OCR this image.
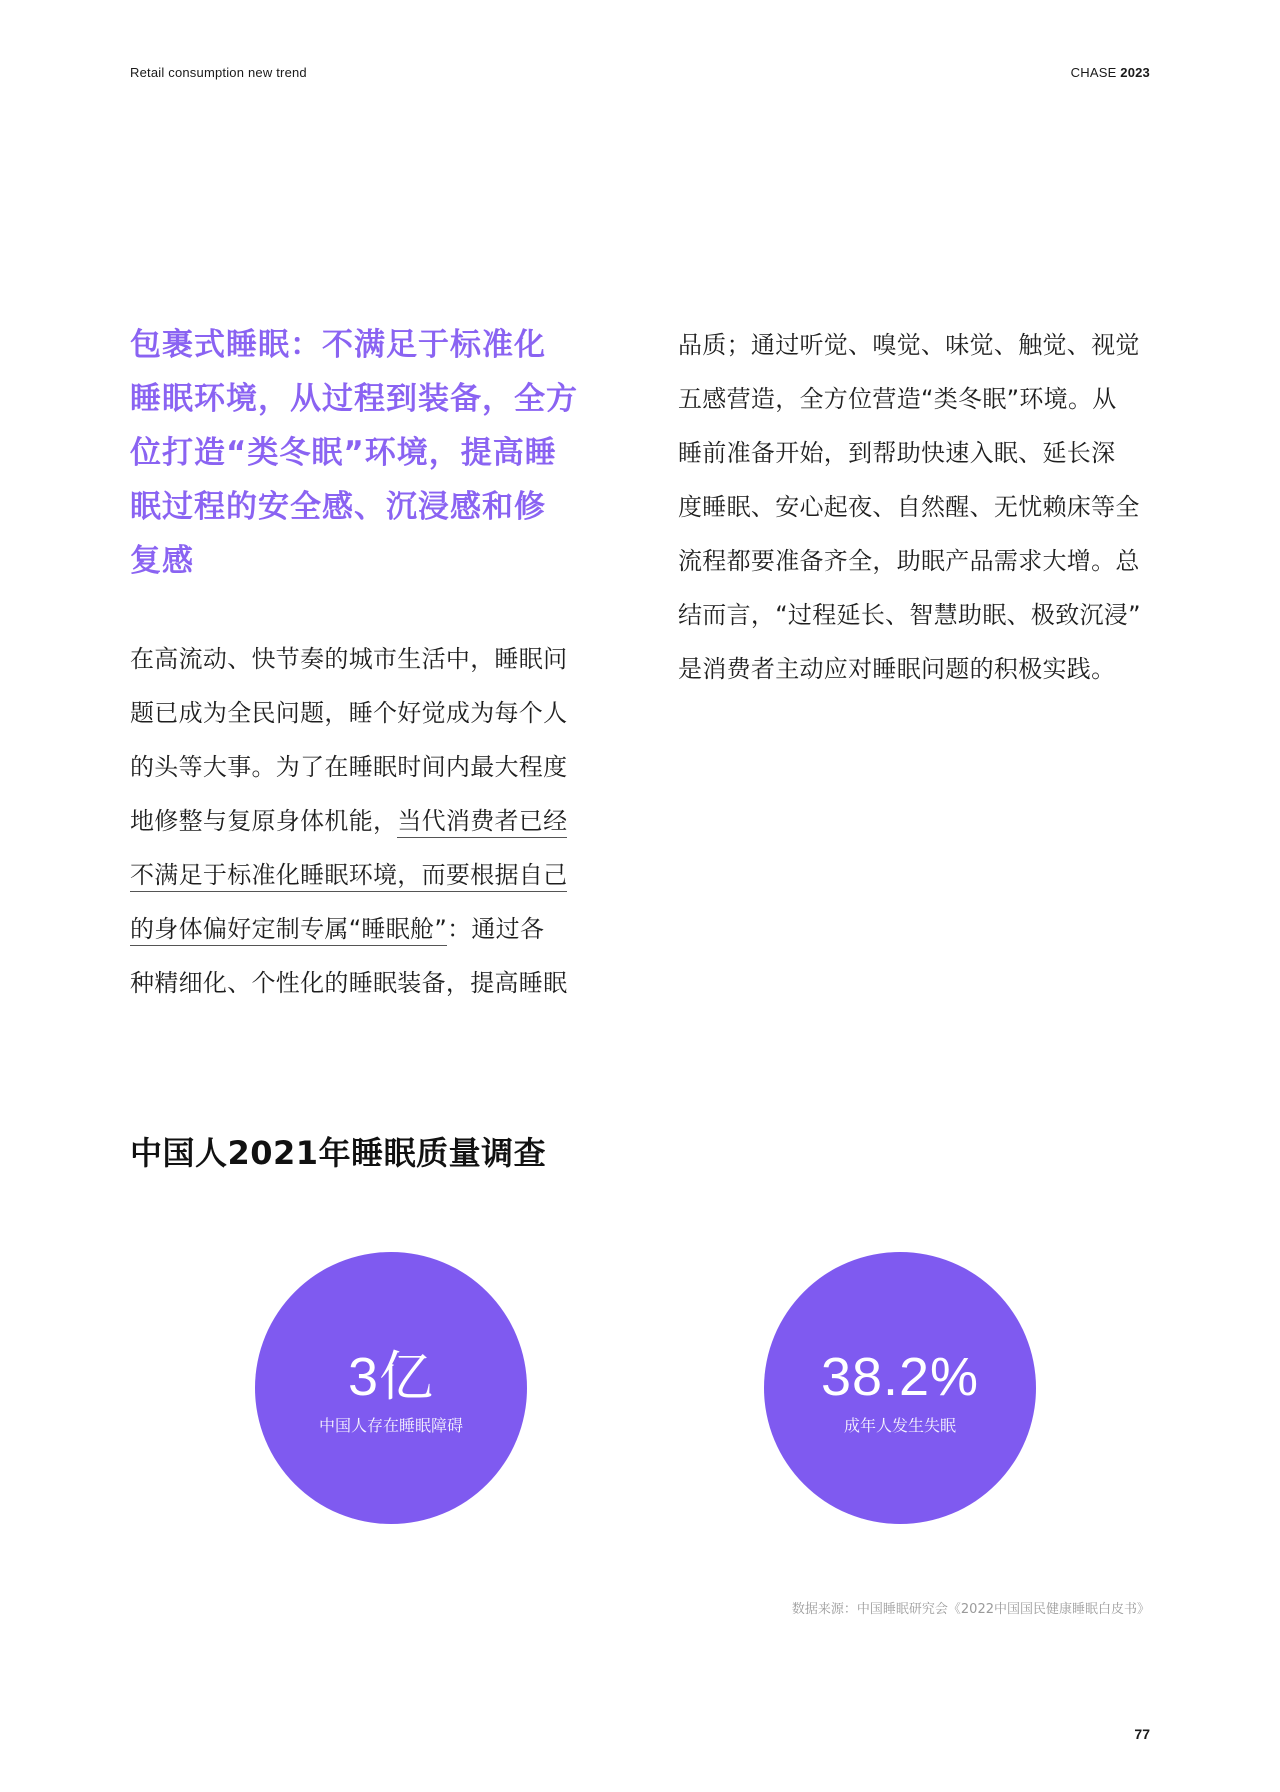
Retail consumption new trend	CHASE 2023
包裹式睡眠：不满足于标准化
睡眠环境，从过程到装备，全方
位打造“类冬眠”环境，提高睡
眠过程的安全感、沉浸感和修
复感
在高流动、快节奏的城市生活中，睡眠问
题已成为全民问题，睡个好觉成为每个人
的头等大事。为了在睡眠时间内最大程度
地修整与复原身体机能，当代消费者已经
不满足于标准化睡眠环境，而要根据自己
的身体偏好定制专属“睡眠舱”：通过各
种精细化、个性化的睡眠装备，提高睡眠
品质；通过听觉、嗅觉、味觉、触觉、视觉
五感营造，全方位营造“类冬眠”环境。从
睡前准备开始，到帮助快速入眠、延长深
度睡眠、安心起夜、自然醒、无忧赖床等全
流程都要准备齐全，助眠产品需求大增。总
结而言，“过程延长、智慧助眠、极致沉浸”
是消费者主动应对睡眠问题的积极实践。
中国人2021年睡眠质量调查
3亿
中国人存在睡眠障碍
38.2%
成年人发生失眠
数据来源：中国睡眠研究会《2022中国国民健康睡眠白皮书》
77
